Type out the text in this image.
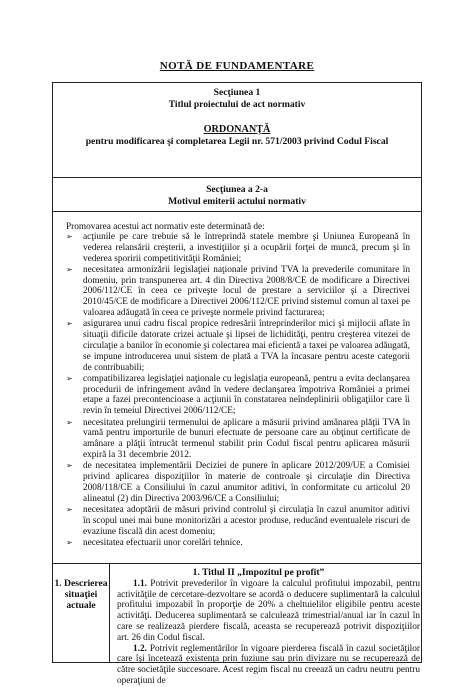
NOTĂ DE FUNDAMENTARE
Secţiunea 1
Titlul proiectului de act normativ
ORDONANŢĂ
pentru modificarea şi completarea Legii nr. 571/2003 privind Codul Fiscal
Secţiunea a 2-a
Motivul emiterii actului normativ
Promovarea acestui act normativ este determinată de:
➢ acţiunile pe care trebuie să le întreprindă statele membre şi Uniunea Europeană în vederea relansării creşterii, a investiţiilor şi a ocupării forţei de muncă, precum şi în vederea sporirii competitivităţii României;
➢ necesitatea armonizării legislaţiei naţionale privind TVA la prevederile comunitare în domeniu, prin transpunerea art. 4 din Directiva 2008/8/CE de modificare a Directivei 2006/112/CE în ceea ce priveşte locul de prestare a serviciilor şi a Directivei 2010/45/CE de modificare a Directivei 2006/112/CE privind sistemul comun al taxei pe valoarea adăugată în ceea ce priveşte normele privind facturarea;
➢ asigurarea unui cadru fiscal propice redresării întreprinderilor mici şi mijlocii aflate în situaţii dificile datorate crizei actuale şi lipsei de lichidităţi, pentru creşterea vitezei de circulaţie a banilor în economie şi colectarea mai eficientă a taxei pe valoarea adăugată, se impune introducerea unui sistem de plată a TVA la încasare pentru aceste categorii de contribuabili;
➢ compatibilizarea legislaţiei naţionale cu legislaţia europeană, pentru a evita declanşarea procedurii de infringement având în vedere declanşarea împotriva României a primei etape a fazei precontencioase a acţiunii în constatarea neîndeplinirii obligaţiilor care îi revin în temeiul Directivei 2006/112/CE;
➢ necesitatea prelungirii termenului de aplicare a măsurii privind amânarea plăţii TVA în vamă pentru importurile de bunuri efectuate de persoane care au obţinut certificate de amânare a plăţii întrucât termenul stabilit prin Codul fiscal pentru aplicarea măsurii expiră la 31 decembrie 2012.
➢ de necesitatea implementării Deciziei de punere în aplicare 2012/209/UE a Comisiei privind aplicarea dispoziţiilor în materie de controale şi circulaţie din Directiva 2008/118/CE a Consiliului în cazul anumitor aditivi, în conformitate cu articolul 20 alineatul (2) din Directiva 2003/96/CE a Consiliului;
➢ necesitatea adoptării de măsuri privind controlul şi circulaţia în cazul anumitor aditivi în scopul unei mai bune monitorizări a acestor produse, reducând eventualele riscuri de evaziune fiscală din acest domeniu;
➢ necesitatea efectuarii unor corelări tehnice.
1. Descrierea
situaţiei
actuale
1. Titlul II „Impozitul pe profit”
1.1. Potrivit prevederilor în vigoare la calculul profitului impozabil, pentru activităţile de cercetare-dezvoltare se acordă o deducere suplimentară la calculul profitului impozabil în proporţie de 20% a cheltuielilor eligibile pentru aceste activităţi. Deducerea suplimentară se calculează trimestrial/anual iar în cazul în care se realizează pierdere fiscală, aceasta se recuperează potrivit dispoziţiilor art. 26 din Codul fiscal.
1.2. Potrivit reglementărilor în vigoare pierderea fiscală în cazul societăţilor care îşi încetează existenţa prin fuziune sau prin divizare nu se recuperează de către societăţile succesoare. Acest regim fiscal nu creează un cadru neutru pentru operaţiuni de
